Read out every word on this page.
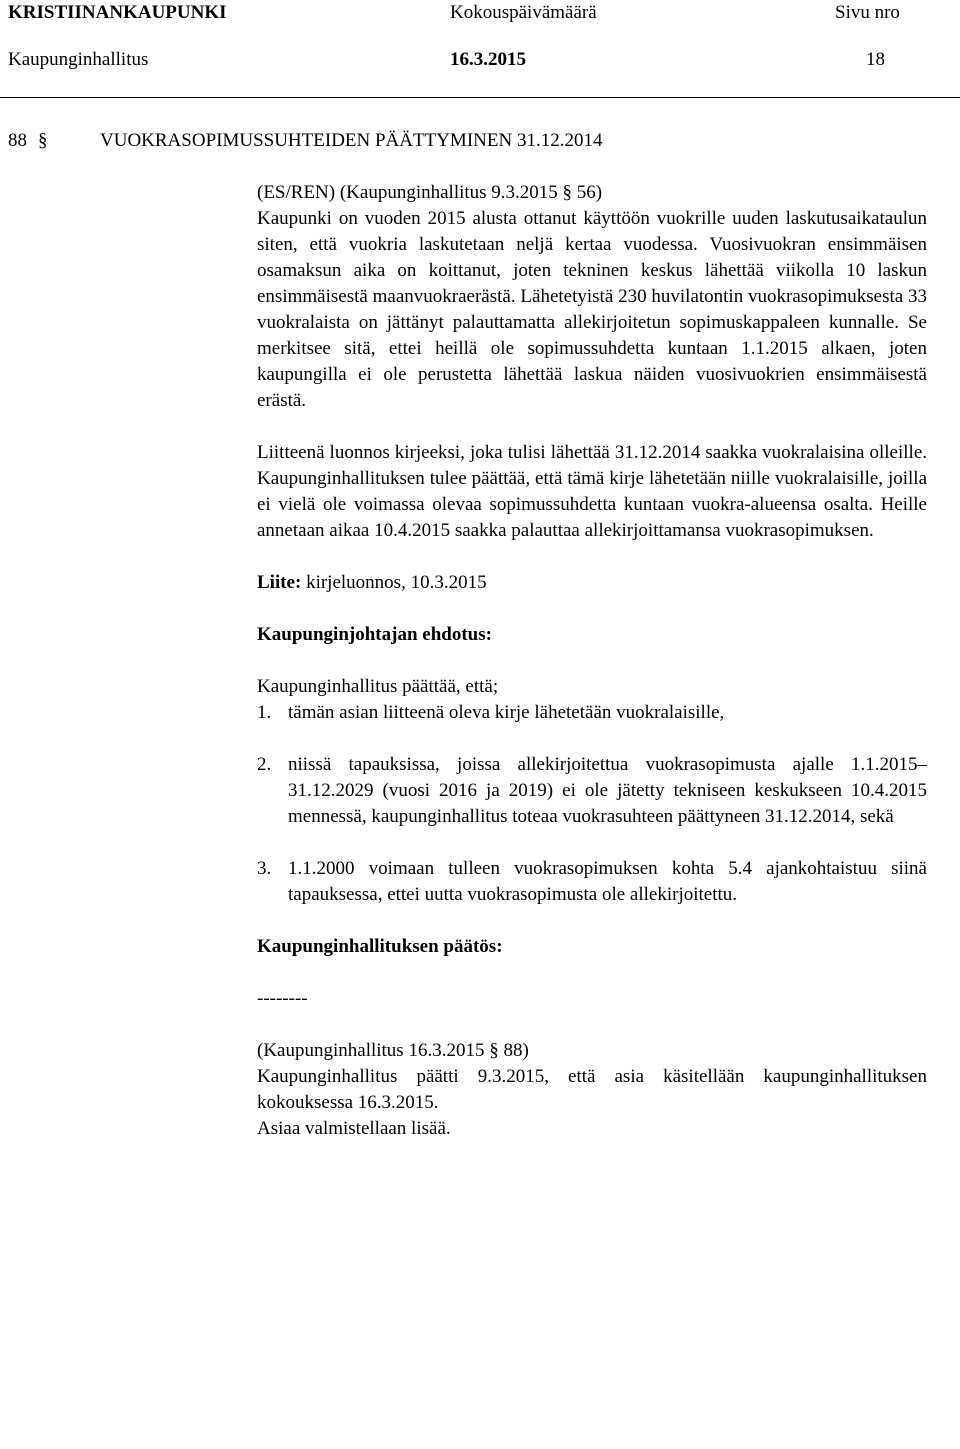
KRISTIINANKAUPUNKI	Kokouspäivämäärä	Sivu nro
Kaupunginhallitus	16.3.2015	18
88 §	VUOKRASOPIMUSSUHTEIDEN PÄÄTTYMINEN 31.12.2014

(ES/REN) (Kaupunginhallitus 9.3.2015 § 56)

Kaupunki on vuoden 2015 alusta ottanut käyttöön vuokrille uuden laskutusaikataulun siten, että vuokria laskutetaan neljä kertaa vuodessa. Vuosivuokran ensimmäisen osamaksun aika on koittanut, joten tekninen keskus lähettää viikolla 10 laskun ensimmäisestä maanvuokraerästä. Lähetetyistä 230 huvilatontin vuokrasopimuksesta 33 vuokralaista on jättänyt palauttamatta allekirjoitetun sopimuskappaleen kunnalle. Se merkitsee sitä, ettei heillä ole sopimussuhdetta kuntaan 1.1.2015 alkaen, joten kaupungilla ei ole perustetta lähettää laskua näiden vuosivuokrien ensimmäisestä erästä.

Liitteenä luonnos kirjeeksi, joka tulisi lähettää 31.12.2014 saakka vuokralaisina olleille. Kaupunginhallituksen tulee päättää, että tämä kirje lähetetään niille vuokralaisille, joilla ei vielä ole voimassa olevaa sopimussuhdetta kuntaan vuokra-alueensa osalta. Heille annetaan aikaa 10.4.2015 saakka palauttaa allekirjoittamansa vuokrasopimuksen.

Liite: kirjeluonnos, 10.3.2015

Kaupunginjohtajan ehdotus:

Kaupunginhallitus päättää, että;

1. tämän asian liitteenä oleva kirje lähetetään vuokralaisille,
2. niissä tapauksissa, joissa allekirjoitettua vuokrasopimusta ajalle 1.1.2015–31.12.2029 (vuosi 2016 ja 2019) ei ole jätetty tekniseen keskukseen 10.4.2015 mennessä, kaupunginhallitus toteaa vuokrasuhteen päättyneen 31.12.2014, sekä
3. 1.1.2000 voimaan tulleen vuokrasopimuksen kohta 5.4 ajankohtaistuu siinä tapauksessa, ettei uutta vuokrasopimusta ole allekirjoitettu.

Kaupunginhallituksen päätös:

--------

(Kaupunginhallitus 16.3.2015 § 88)

Kaupunginhallitus päätti 9.3.2015, että asia käsitellään kaupunginhallituksen kokouksessa 16.3.2015.

Asiaa valmistellaan lisää.
